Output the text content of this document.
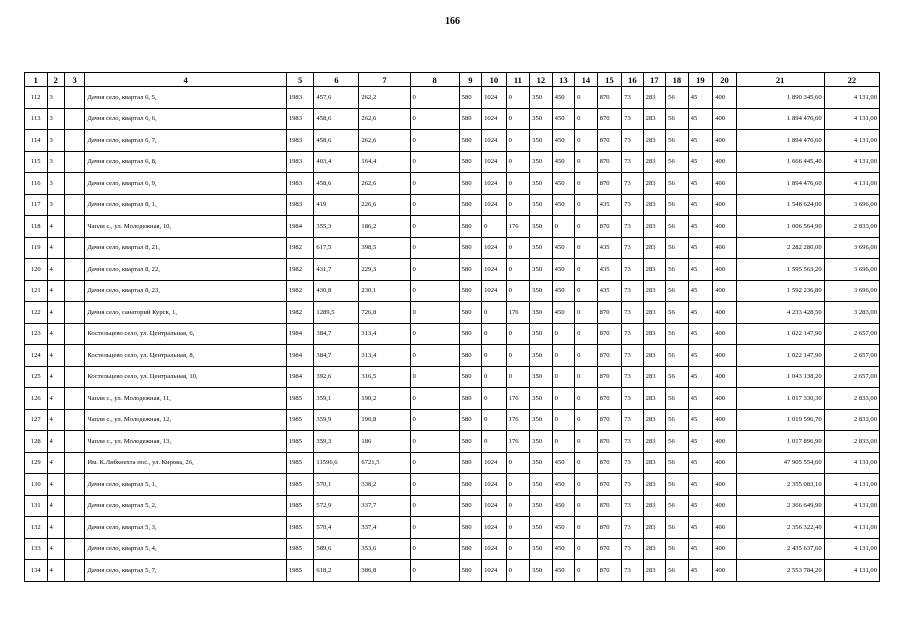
166
1	2	3	4	5	6	7	8	9	10	11	12	13	14	15	16	17	18	19	20	21	22
112	3		Дачня село, квартал 6, 5,	1983	457,6	262,2	0	580	1024	0	350	450	0	870	73	283	56	45	400	1 890 345,60	4 131,00
113	3		Дачня село, квартал 6, 6,	1983	458,6	262,6	0	580	1024	0	350	450	0	870	73	283	56	45	400	1 894 476,60	4 131,00
114	3		Дачня село, квартал 6, 7,	1983	458,6	262,6	0	580	1024	0	350	450	0	870	73	283	56	45	400	1 894 476,60	4 131,00
115	3		Дачня село, квартал 6, 8,	1983	403,4	164,4	0	580	1024	0	350	450	0	870	73	283	56	45	400	1 666 445,40	4 131,00
116	3		Дачня село, квартал 6, 9,	1983	458,6	262,6	0	580	1024	0	350	450	0	870	73	283	56	45	400	1 894 476,60	4 131,00
117	3		Дачня село, квартал 8, 1,	1983	419	226,6	0	580	1024	0	350	450	0	435	73	283	56	45	400	1 548 624,00	3 696,00
118	4		Чапли с., ул. Молодежная, 10,	1984	355,3	186,2	0	580	0	176	350	0	0	870	73	283	56	45	400	1 006 564,90	2 833,00
119	4		Дачня село, квартал 8, 21,	1982	617,5	398,5	0	580	1024	0	350	450	0	435	73	283	56	45	400	2 282 280,00	3 696,00
120	4		Дачня село, квартал 8, 22,	1982	431,7	229,3	0	580	1024	0	350	450	0	435	73	283	56	45	400	1 595 563,20	3 696,00
121	4		Дачня село, квартал 8, 23,	1982	430,8	230,1	0	580	1024	0	350	450	0	435	73	283	56	45	400	1 592 236,80	3 696,00
122	4		Дачня село, санаторий Курск, 1,	1982	1289,5	726,8	0	580	0	176	350	450	0	870	73	283	56	45	400	4 233 428,50	3 283,00
123	4		Костельцево село, ул. Центральная, 6,	1984	384,7	313,4	0	580	0	0	350	0	0	870	73	283	56	45	400	1 022 147,90	2 657,00
124	4		Костельцево село, ул. Центральная, 8,	1984	384,7	313,4	0	580	0	0	350	0	0	870	73	283	56	45	400	1 022 147,90	2 657,00
125	4		Костельцево село, ул. Центральная, 10,	1984	392,6	316,5	0	580	0	0	350	0	0	870	73	283	56	45	400	1 043 138,20	2 657,00
126	4		Чапли с., ул. Молодежная, 11,	1985	359,1	190,2	0	580	0	176	350	0	0	870	73	283	56	45	400	1 017 330,30	2 833,00
127	4		Чапли с., ул. Молодежная, 12,	1985	359,9	190,8	0	580	0	176	350	0	0	870	73	283	56	45	400	1 019 596,70	2 833,00
128	4		Чапли с., ул. Молодежная, 13,	1985	359,3	186	0	580	0	176	350	0	0	870	73	283	56	45	400	1 017 896,90	2 833,00
129	4		Им. К.Либкнехта пос., ул. Кирова, 26,	1985	11596,6	6721,5	0	580	1024	0	350	450	0	870	73	283	56	45	400	47 905 554,60	4 131,00
130	4		Дачня село, квартал 5, 1,	1985	570,1	338,2	0	580	1024	0	350	450	0	870	73	283	56	45	400	2 355 083,10	4 131,00
131	4		Дачня село, квартал 5, 2,	1985	572,9	337,7	0	580	1024	0	350	450	0	870	73	283	56	45	400	2 366 649,90	4 131,00
132	4		Дачня село, квартал 5, 3,	1985	570,4	337,4	0	580	1024	0	350	450	0	870	73	283	56	45	400	2 356 322,40	4 131,00
133	4		Дачня село, квартал 5, 4,	1985	589,6	353,6	0	580	1024	0	350	450	0	870	73	283	56	45	400	2 435 637,60	4 131,00
134	4		Дачня село, квартал 5, 7,	1985	618,2	386,8	0	580	1024	0	350	450	0	870	73	283	56	45	400	2 553 784,20	4 131,00
